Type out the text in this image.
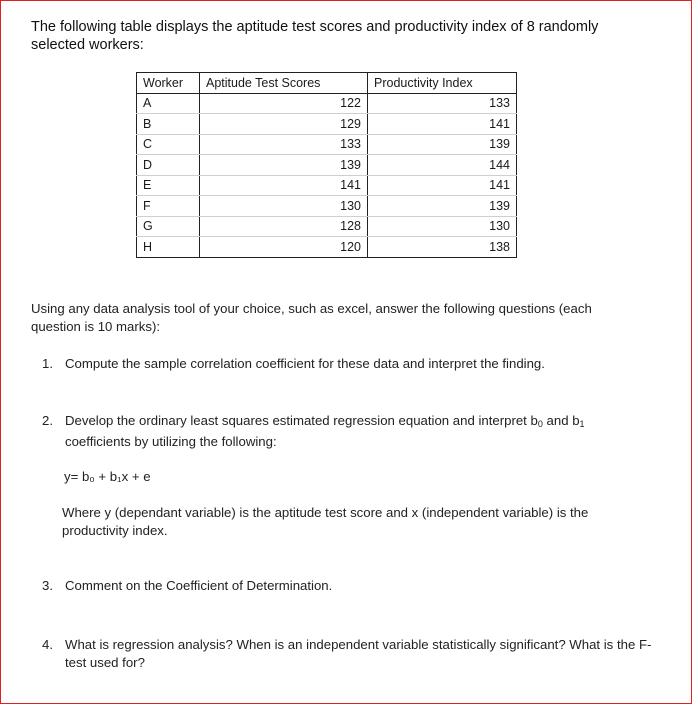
The following table displays the aptitude test scores and productivity index of 8 randomly selected workers:
Worker	Aptitude Test Scores	Productivity Index
A	122	133
B	129	141
C	133	139
D	139	144
E	141	141
F	130	139
G	128	130
H	120	138
Using any data analysis tool of your choice, such as excel, answer the following questions (each question is 10 marks):
1. Compute the sample correlation coefficient for these data and interpret the finding.
2. Develop the ordinary least squares estimated regression equation and interpret $b_0$ and $b_1$ coefficients by utilizing the following:
y= b₀ + b₁x + e
Where y (dependant variable) is the aptitude test score and x (independent variable) is the productivity index.
3. Comment on the Coefficient of Determination.
4. What is regression analysis? When is an independent variable statistically significant? What is the F-test used for?
